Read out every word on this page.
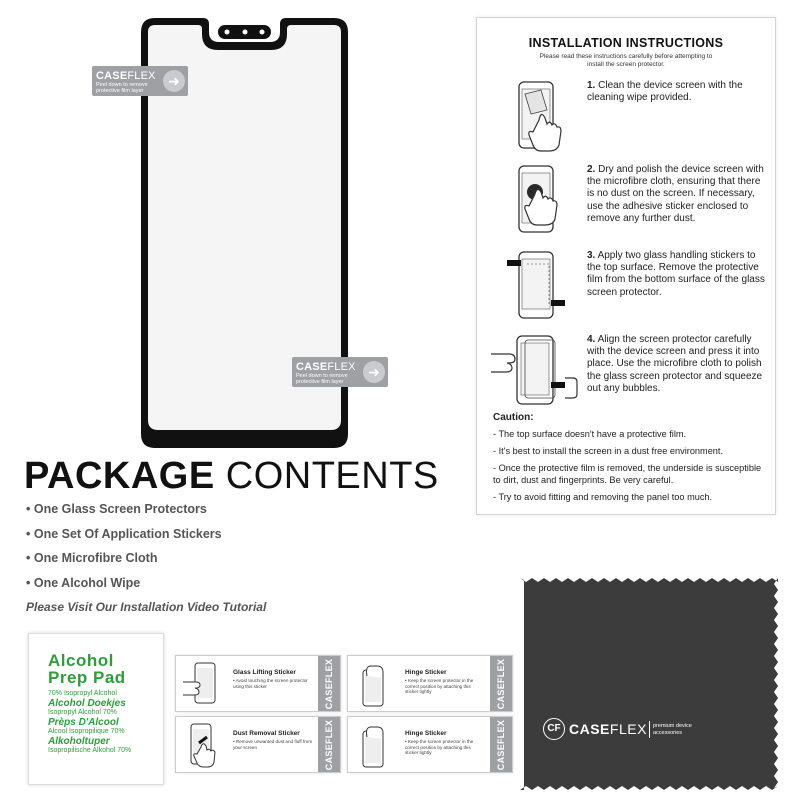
CASEFLEX
Peel down to remove protective film layer
➜
CASEFLEX
Peel down to remove protective film layer
➜
INSTALLATION INSTRUCTIONS
Please read these instructions carefully before attempting to install the screen protector.
1. Clean the device screen with the cleaning wipe provided.
2. Dry and polish the device screen with the microfibre cloth, ensuring that there is no dust on the screen. If necessary, use the adhesive sticker enclosed to remove any further dust.
3. Apply two glass handling stickers to the top surface. Remove the protective film from the bottom surface of the glass screen protector.
4. Align the screen protector carefully with the device screen and press it into place. Use the microfibre cloth to polish the glass screen protector and squeeze out any bubbles.
Caution:
- The top surface doesn't have a protective film.
- It's best to install the screen in a dust free environment.
- Once the protective film is removed, the underside is susceptible to dirt, dust and fingerprints. Be very careful.
- Try to avoid fitting and removing the panel too much.
PACKAGE CONTENTS
• One Glass Screen Protectors
• One Set Of Application Stickers
• One Microfibre Cloth
• One Alcohol Wipe
Please Visit Our Installation Video Tutorial
Alcohol
Prep Pad
70% Isopropyl Alcohol
Alcohol Doekjes
Isopropyl Alcohol 70%
Prèps D'Alcool
Alcool Isopropilique 70%
Alkoholtuper
Isopropilische Alkohol 70%
Glass Lifting Sticker
• Avoid touching the screen protector using this sticker	CASEFLEX	Hinge Sticker
• Keep the screen protector in the correct position by attaching this sticker tightly	CASEFLEX
Dust Removal Sticker
• Remove unwanted dust and fluff from your screen	CASEFLEX	Hinge Sticker
• Keep the screen protector in the correct position by attaching this sticker tightly	CASEFLEX	CF CASEFLEX premium device accessories
